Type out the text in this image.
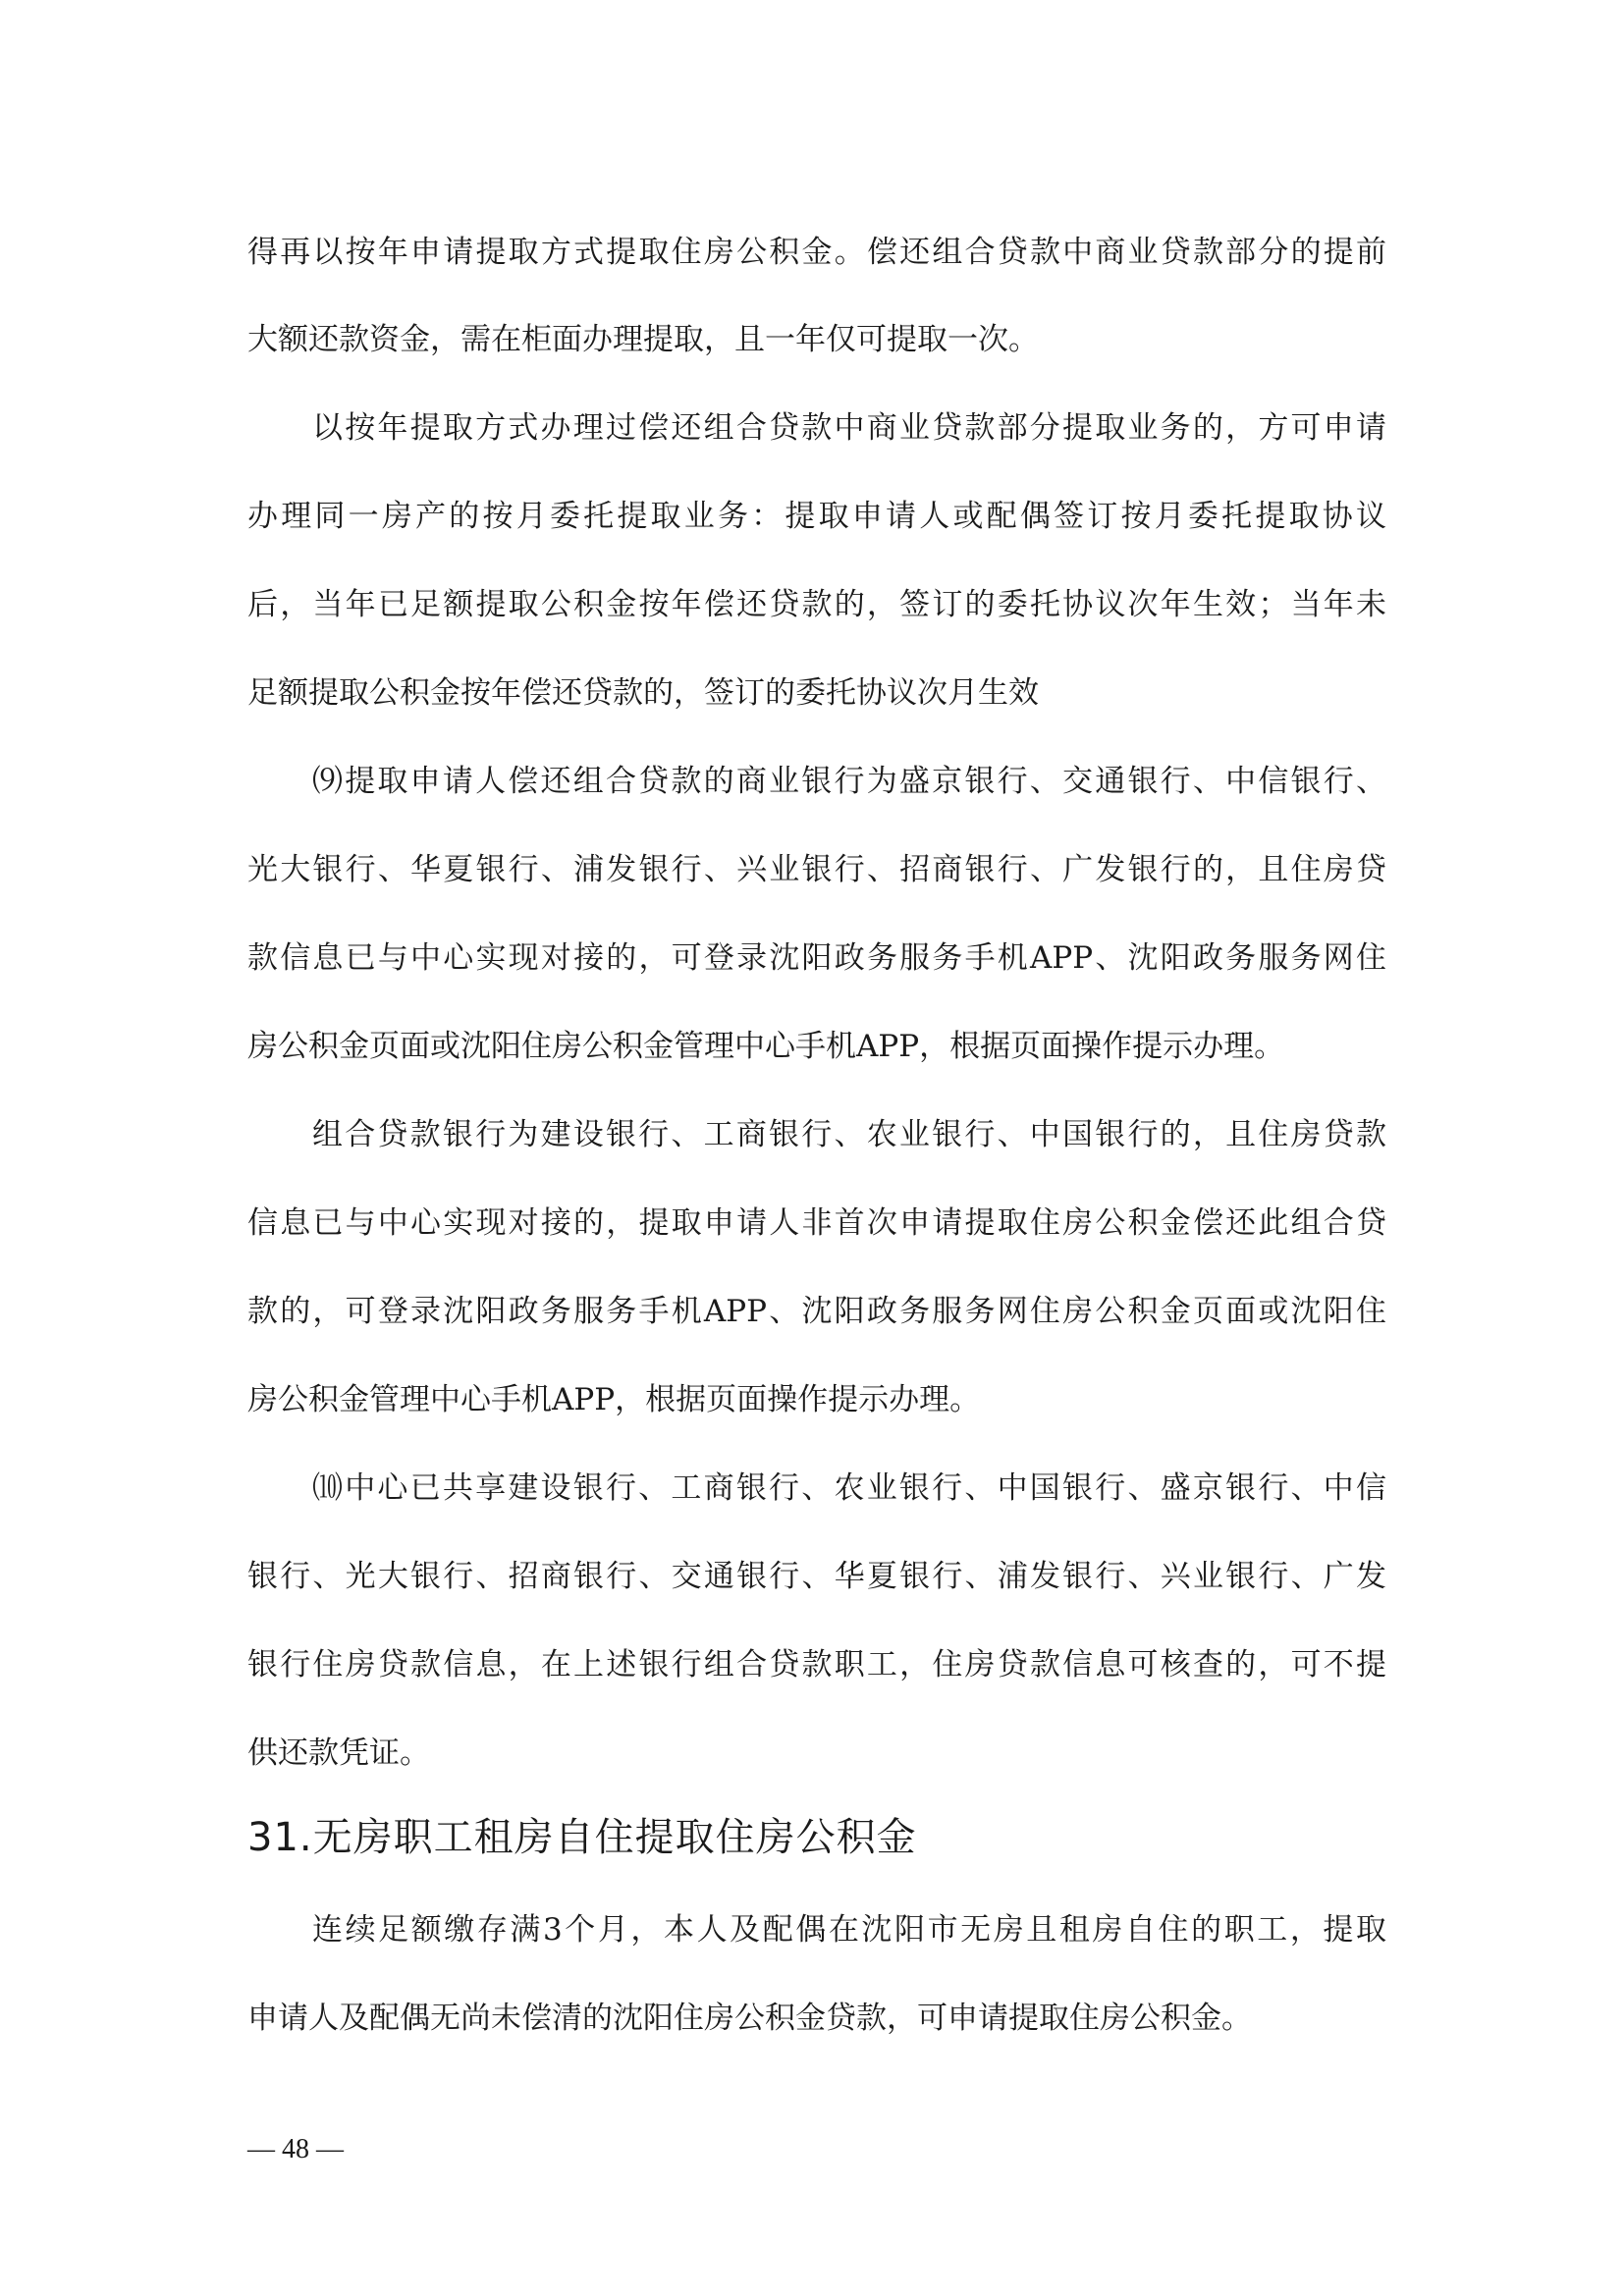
得再以按年申请提取方式提取住房公积金。偿还组合贷款中商业贷款部分的提前
大额还款资金，需在柜面办理提取，且一年仅可提取一次。
以按年提取方式办理过偿还组合贷款中商业贷款部分提取业务的，方可申请
办理同一房产的按月委托提取业务：提取申请人或配偶签订按月委托提取协议
后，当年已足额提取公积金按年偿还贷款的，签订的委托协议次年生效；当年未
足额提取公积金按年偿还贷款的，签订的委托协议次月生效
⑼提取申请人偿还组合贷款的商业银行为盛京银行、交通银行、中信银行、
光大银行、华夏银行、浦发银行、兴业银行、招商银行、广发银行的，且住房贷
款信息已与中心实现对接的，可登录沈阳政务服务手机APP、沈阳政务服务网住
房公积金页面或沈阳住房公积金管理中心手机APP，根据页面操作提示办理。
组合贷款银行为建设银行、工商银行、农业银行、中国银行的，且住房贷款
信息已与中心实现对接的，提取申请人非首次申请提取住房公积金偿还此组合贷
款的，可登录沈阳政务服务手机APP、沈阳政务服务网住房公积金页面或沈阳住
房公积金管理中心手机APP，根据页面操作提示办理。
⑽中心已共享建设银行、工商银行、农业银行、中国银行、盛京银行、中信
银行、光大银行、招商银行、交通银行、华夏银行、浦发银行、兴业银行、广发
银行住房贷款信息，在上述银行组合贷款职工，住房贷款信息可核查的，可不提
供还款凭证。
31.无房职工租房自住提取住房公积金
连续足额缴存满3个月，本人及配偶在沈阳市无房且租房自住的职工，提取
申请人及配偶无尚未偿清的沈阳住房公积金贷款，可申请提取住房公积金。
— 48 —
